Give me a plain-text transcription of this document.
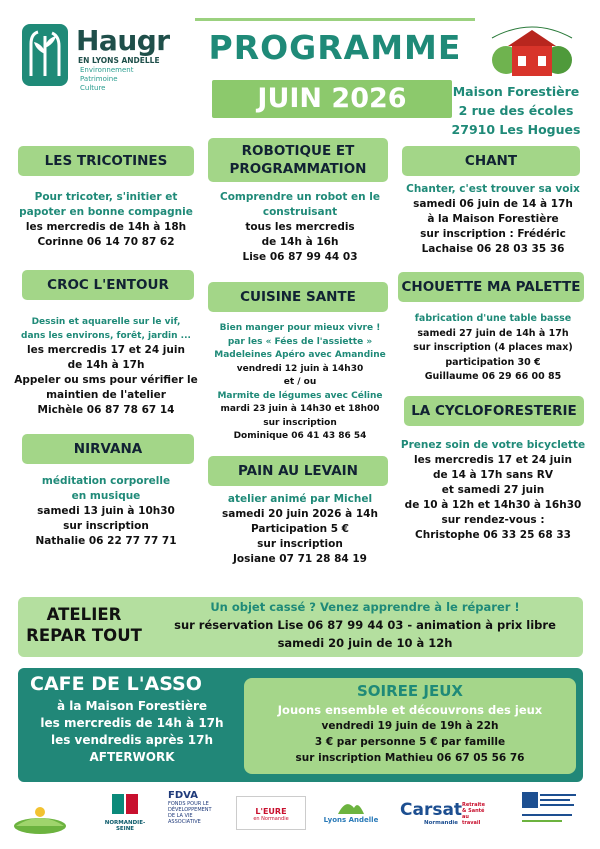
Haugr
EN LYONS ANDELLE
Environnement
Patrimoine
Culture
PROGRAMME
JUIN 2026	Maison Forestière
2 rue des écoles
27910 Les Hogues
LES TRICOTINES
Pour tricoter, s'initier et
papoter en bonne compagnie
les mercredis de 14h à 18h
Corinne 06 14 70 87 62
CROC L'ENTOUR
Dessin et aquarelle sur le vif,
dans les environs, forêt, jardin ...
les mercredis 17 et 24 juin
de 14h à 17h
Appeler ou sms pour vérifier le
maintien de l'atelier
Michèle 06 87 78 67 14
NIRVANA
méditation corporelle
en musique
samedi 13 juin à 10h30
sur inscription
Nathalie 06 22 77 77 71
ROBOTIQUE ET PROGRAMMATION
Comprendre un robot en le
construisant
tous les mercredis
de 14h à 16h
Lise 06 87 99 44 03
CUISINE SANTE
Bien manger pour mieux vivre !
par les « Fées de l'assiette »
Madeleines Apéro avec Amandine
vendredi 12 juin à 14h30
et / ou
Marmite de légumes avec Céline
mardi 23 juin à 14h30 et 18h00
sur inscription
Dominique 06 41 43 86 54
PAIN AU LEVAIN
atelier animé par Michel
samedi 20 juin 2026 à 14h
Participation 5 €
sur inscription
Josiane 07 71 28 84 19
CHANT
Chanter, c'est trouver sa voix
samedi 06 juin de 14 à 17h
à la Maison Forestière
sur inscription : Frédéric
Lachaise 06 28 03 35 36
CHOUETTE MA PALETTE
fabrication d'une table basse
samedi 27 juin de 14h à 17h
sur inscription (4 places max)
participation 30 €
Guillaume 06 29 66 00 85
LA CYCLOFORESTERIE
Prenez soin de votre bicyclette
les mercredis 17 et 24 juin
de 14 à 17h sans RV
et samedi 27 juin
de 10 à 12h et 14h30 à 16h30
sur rendez-vous :
Christophe 06 33 25 68 33
ATELIER
REPAR TOUT
Un objet cassé ? Venez apprendre à le réparer !
sur réservation Lise 06 87 99 44 03 - animation à prix libre
samedi 20 juin de 10 à 12h
CAFE DE L'ASSO
à la Maison Forestière
les mercredis de 14h à 17h
les vendredis après 17h
AFTERWORK
SOIREE JEUX
Jouons ensemble et découvrons des jeux
vendredi 19 juin de 19h à 22h
3 € par personne 5 € par famille
sur inscription Mathieu 06 67 05 56 76
NORMANDIE-SEINE
FDVA
FONDS POUR LE
DÉVELOPPEMENT
DE LA VIE
ASSOCIATIVE
L'EURE
en Normandie	Lyons Andelle	Carsat Retraite
& Santé
au travail
Normandie
